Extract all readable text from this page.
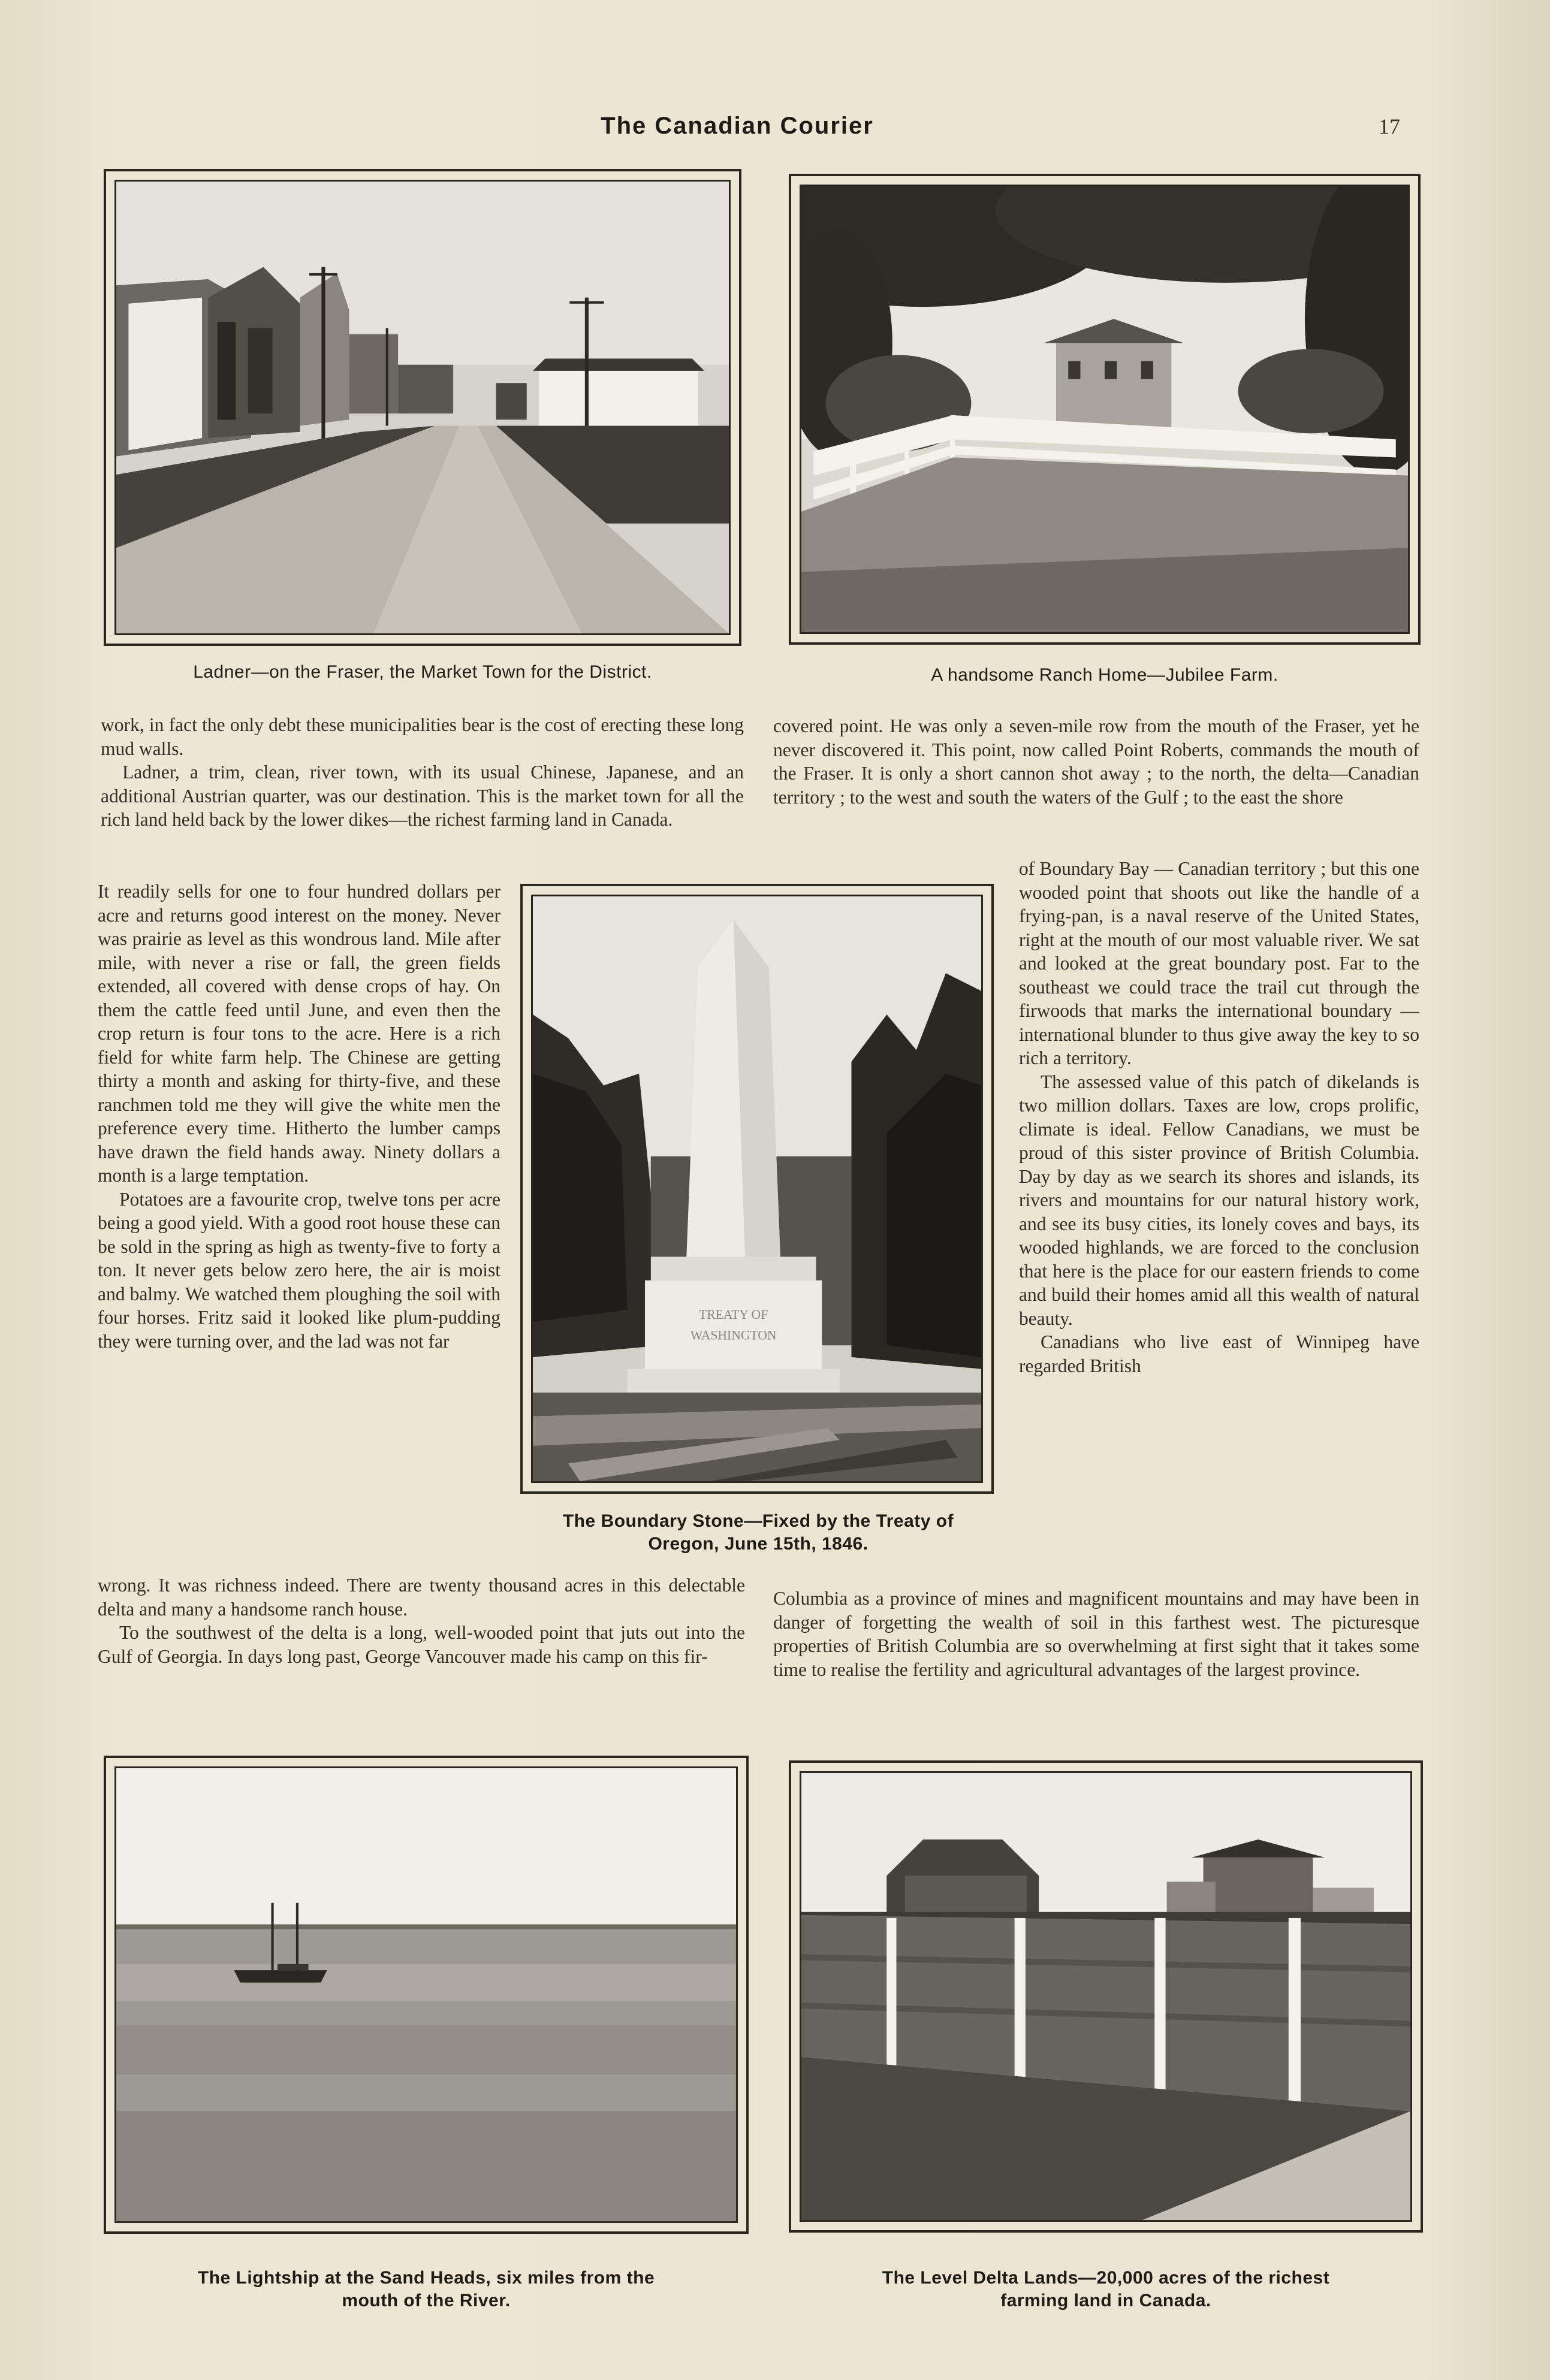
The Canadian Courier	17
Ladner—on the Fraser, the Market Town for the District.	A handsome Ranch Home—Jubilee Farm.

work, in fact the only debt these municipalities bear is the cost of erecting these long mud walls.

Ladner, a trim, clean, river town, with its usual Chinese, Japanese, and an additional Austrian quarter, was our destination. This is the market town for all the rich land held back by the lower dikes—the richest farming land in Canada.

It readily sells for one to four hundred dollars per acre and returns good interest on the money. Never was prairie as level as this wondrous land. Mile after mile, with never a rise or fall, the green fields extended, all covered with dense crops of hay. On them the cattle feed until June, and even then the crop return is four tons to the acre. Here is a rich field for white farm help. The Chinese are getting thirty a month and asking for thirty-five, and these ranchmen told me they will give the white men the preference every time. Hitherto the lumber camps have drawn the field hands away. Ninety dollars a month is a large temptation.

Potatoes are a favourite crop, twelve tons per acre being a good yield. With a good root house these can be sold in the spring as high as twenty-five to forty a ton. It never gets below zero here, the air is moist and balmy. We watched them ploughing the soil with four horses. Fritz said it looked like plum-pudding they were turning over, and the lad was not far

TREATY OF
WASHINGTON
The Boundary Stone—Fixed by the Treaty of
Oregon, June 15th, 1846.

wrong. It was richness indeed. There are twenty thousand acres in this delectable delta and many a handsome ranch house.

To the southwest of the delta is a long, well-wooded point that juts out into the Gulf of Georgia. In days long past, George Vancouver made his camp on this fir-

covered point. He was only a seven-mile row from the mouth of the Fraser, yet he never discovered it. This point, now called Point Roberts, commands the mouth of the Fraser. It is only a short cannon shot away ; to the north, the delta—Canadian territory ; to the west and south the waters of the Gulf ; to the east the shore

of Boundary Bay — Canadian territory ; but this one wooded point that shoots out like the handle of a frying-pan, is a naval reserve of the United States, right at the mouth of our most valuable river. We sat and looked at the great boundary post. Far to the southeast we could trace the trail cut through the firwoods that marks the international boundary — international blunder to thus give away the key to so rich a territory.

The assessed value of this patch of dikelands is two million dollars. Taxes are low, crops prolific, climate is ideal. Fellow Canadians, we must be proud of this sister province of British Columbia. Day by day as we search its shores and islands, its rivers and mountains for our natural history work, and see its busy cities, its lonely coves and bays, its wooded highlands, we are forced to the conclusion that here is the place for our eastern friends to come and build their homes amid all this wealth of natural beauty.

Canadians who live east of Winnipeg have regarded British

Columbia as a province of mines and magnificent mountains and may have been in danger of forgetting the wealth of soil in this farthest west. The picturesque properties of British Columbia are so overwhelming at first sight that it takes some time to realise the fertility and agricultural advantages of the largest province.

The Lightship at the Sand Heads, six miles from the
mouth of the River.
The Level Delta Lands—20,000 acres of the richest
farming land in Canada.
